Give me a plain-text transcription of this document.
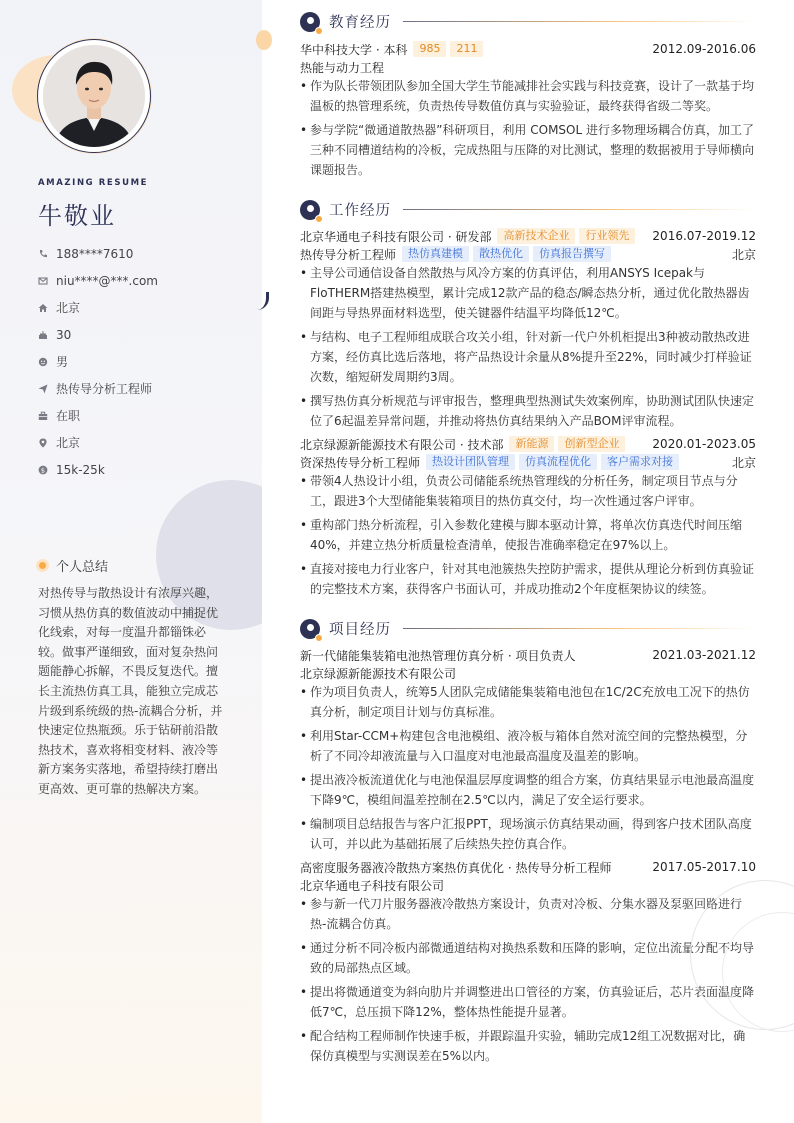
AMAZING RESUME
牛敬业
188****7610
niu****@***.com
北京
30
男
热传导分析工程师
在职
北京
$ 15k-25k
个人总结

对热传导与散热设计有浓厚兴趣，习惯从热仿真的数值波动中捕捉优化线索，对每一度温升都锱铢必较。做事严谨细致，面对复杂热问题能静心拆解，不畏反复迭代。擅长主流热仿真工具，能独立完成芯片级到系统级的热-流耦合分析，并快速定位热瓶颈。乐于钻研前沿散热技术，喜欢将相变材料、液冷等新方案务实落地，希望持续打磨出更高效、更可靠的热解决方案。

教育经历
华中科技大学 · 本科	985	211	2012.09-2016.06
热能与动力工程
• 作为队长带领团队参加全国大学生节能减排社会实践与科技竞赛，设计了一款基于均温板的热管理系统，负责热传导数值仿真与实验验证，最终获得省级二等奖。
• 参与学院“微通道散热器”科研项目，利用 COMSOL 进行多物理场耦合仿真，加工了三种不同槽道结构的冷板，完成热阻与压降的对比测试，整理的数据被用于导师横向课题报告。
工作经历
北京华通电子科技有限公司 · 研发部	高新技术企业	行业领先	2016.07-2019.12
热传导分析工程师	热仿真建模	散热优化	仿真报告撰写	北京
• 主导公司通信设备自然散热与风冷方案的仿真评估，利用ANSYS Icepak与FloTHERM搭建热模型，累计完成12款产品的稳态/瞬态热分析，通过优化散热器齿间距与导热界面材料选型，使关键器件结温平均降低12℃。
• 与结构、电子工程师组成联合攻关小组，针对新一代户外机柜提出3种被动散热改进方案，经仿真比选后落地，将产品热设计余量从8%提升至22%，同时减少打样验证次数，缩短研发周期约3周。
• 撰写热仿真分析规范与评审报告，整理典型热测试失效案例库，协助测试团队快速定位了6起温差异常问题，并推动将热仿真结果纳入产品BOM评审流程。
北京绿源新能源技术有限公司 · 技术部	新能源	创新型企业	2020.01-2023.05
资深热传导分析工程师	热设计团队管理	仿真流程优化	客户需求对接	北京
• 带领4人热设计小组，负责公司储能系统热管理线的分析任务，制定项目节点与分工，跟进3个大型储能集装箱项目的热仿真交付，均一次性通过客户评审。
• 重构部门热分析流程，引入参数化建模与脚本驱动计算，将单次仿真迭代时间压缩40%，并建立热分析质量检查清单，使报告准确率稳定在97%以上。
• 直接对接电力行业客户，针对其电池簇热失控防护需求，提供从理论分析到仿真验证的完整技术方案，获得客户书面认可，并成功推动2个年度框架协议的续签。
项目经历
新一代储能集装箱电池热管理仿真分析 · 项目负责人	2021.03-2021.12
北京绿源新能源技术有限公司
• 作为项目负责人，统筹5人团队完成储能集装箱电池包在1C/2C充放电工况下的热仿真分析，制定项目计划与仿真标准。
• 利用Star-CCM+构建包含电池模组、液冷板与箱体自然对流空间的完整热模型，分析了不同冷却液流量与入口温度对电池最高温度及温差的影响。
• 提出液冷板流道优化与电池保温层厚度调整的组合方案，仿真结果显示电池最高温度下降9℃，模组间温差控制在2.5℃以内，满足了安全运行要求。
• 编制项目总结报告与客户汇报PPT，现场演示仿真结果动画，得到客户技术团队高度认可，并以此为基础拓展了后续热失控仿真合作。
高密度服务器液冷散热方案热仿真优化 · 热传导分析工程师	2017.05-2017.10
北京华通电子科技有限公司
• 参与新一代刀片服务器液冷散热方案设计，负责对冷板、分集水器及泵驱回路进行热-流耦合仿真。
• 通过分析不同冷板内部微通道结构对换热系数和压降的影响，定位出流量分配不均导致的局部热点区域。
• 提出将微通道变为斜向肋片并调整进出口管径的方案，仿真验证后，芯片表面温度降低7℃，总压损下降12%，整体热性能提升显著。
• 配合结构工程师制作快速手板，并跟踪温升实验，辅助完成12组工况数据对比，确保仿真模型与实测误差在5%以内。
